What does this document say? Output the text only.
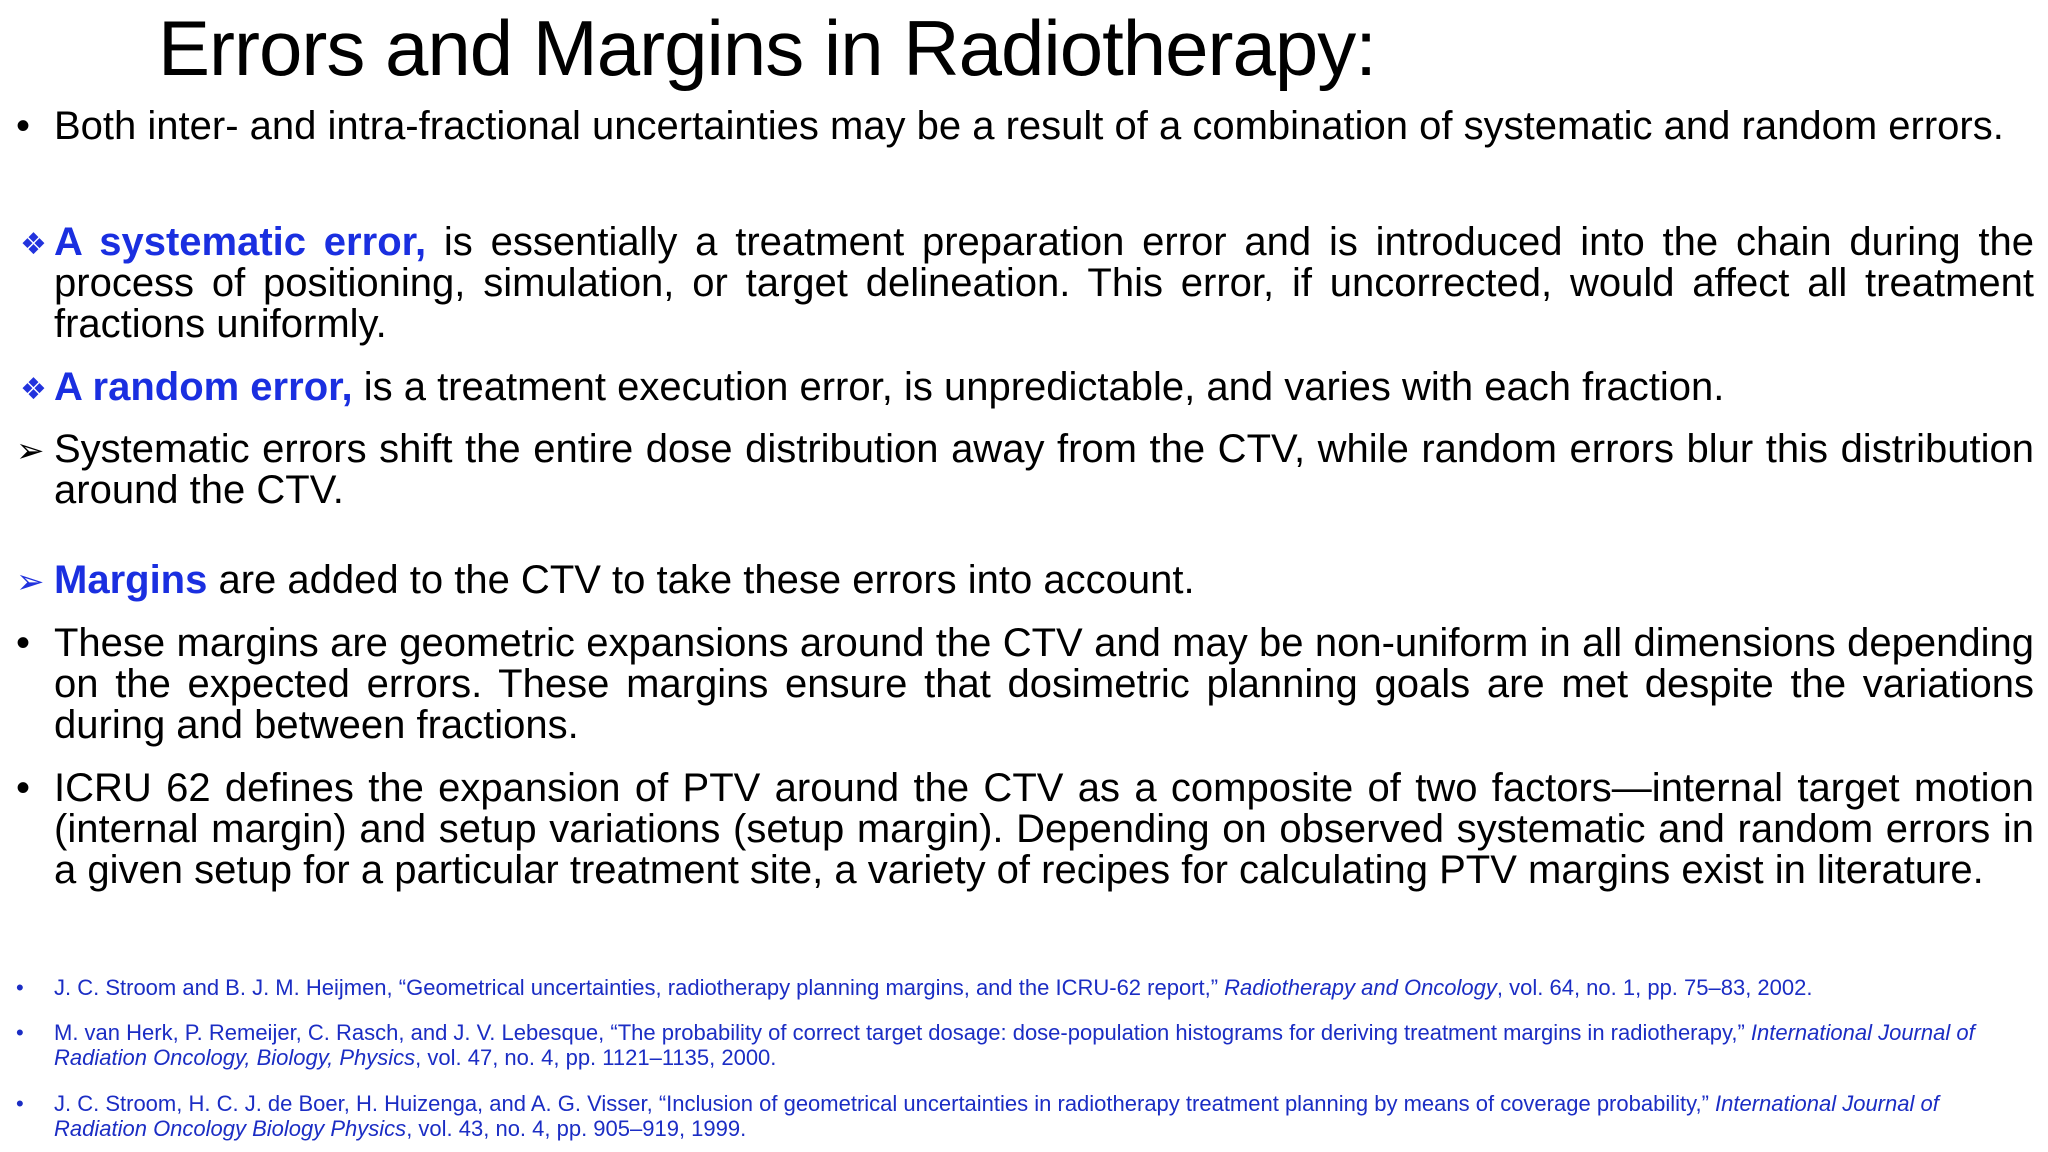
Errors and Margins in Radiotherapy:
• Both inter- and intra-fractional uncertainties may be a result of a combination of systematic and random errors.
❖ A systematic error, is essentially a treatment preparation error and is introduced into the chain during the process of positioning, simulation, or target delineation. This error, if uncorrected, would affect all treatment fractions uniformly.
❖ A random error, is a treatment execution error, is unpredictable, and varies with each fraction.
➢ Systematic errors shift the entire dose distribution away from the CTV, while random errors blur this distribution around the CTV.
➢ Margins are added to the CTV to take these errors into account.
• These margins are geometric expansions around the CTV and may be non-uniform in all dimensions depending on the expected errors. These margins ensure that dosimetric planning goals are met despite the variations during and between fractions.
• ICRU 62 defines the expansion of PTV around the CTV as a composite of two factors—internal target motion (internal margin) and setup variations (setup margin). Depending on observed systematic and random errors in a given setup for a particular treatment site, a variety of recipes for calculating PTV margins exist in literature.
• J. C. Stroom and B. J. M. Heijmen, “Geometrical uncertainties, radiotherapy planning margins, and the ICRU-62 report,” Radiotherapy and Oncology, vol. 64, no. 1, pp. 75–83, 2002.
• M. van Herk, P. Remeijer, C. Rasch, and J. V. Lebesque, “The probability of correct target dosage: dose-population histograms for deriving treatment margins in radiotherapy,” International Journal of Radiation Oncology, Biology, Physics, vol. 47, no. 4, pp. 1121–1135, 2000.
• J. C. Stroom, H. C. J. de Boer, H. Huizenga, and A. G. Visser, “Inclusion of geometrical uncertainties in radiotherapy treatment planning by means of coverage probability,” International Journal of Radiation Oncology Biology Physics, vol. 43, no. 4, pp. 905–919, 1999.
